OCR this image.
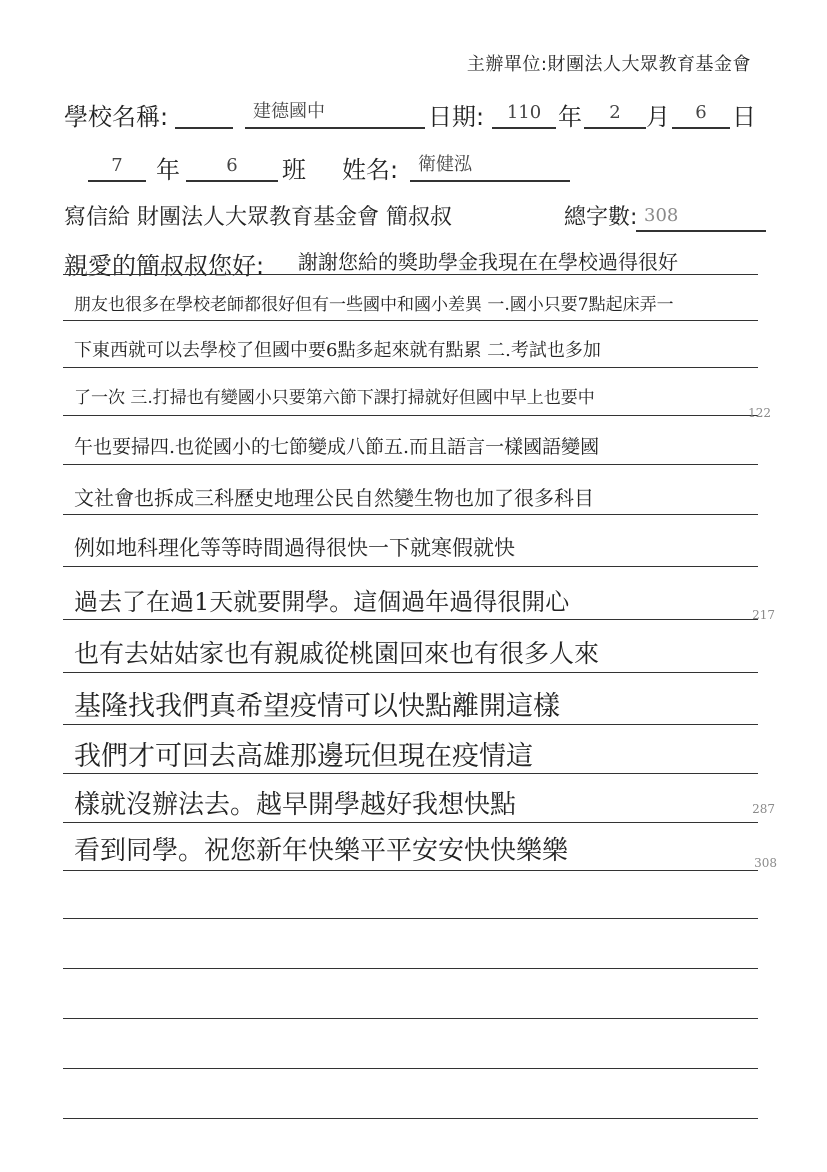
主辦單位:財團法人大眾教育基金會
學校名稱:	建德國中	日期:	110 年	2	月	6	日
7	年	6	班 姓名: 衛健泓
寫信給 財團法人大眾教育基金會 簡叔叔	總字數: 308
親愛的簡叔叔您好: 謝謝您給的獎助學金我現在在學校過得很好
朋友也很多在學校老師都很好但有一些國中和國小差異 一.國小只要7點起床弄一
下東西就可以去學校了但國中要6點多起來就有點累 二.考試也多加
了一次 三.打掃也有變國小只要第六節下課打掃就好但國中早上也要中
122
午也要掃四.也從國小的七節變成八節五.而且語言一樣國語變國
文社會也拆成三科歷史地理公民自然變生物也加了很多科目
例如地科理化等等時間過得很快一下就寒假就快
過去了在過1天就要開學。這個過年過得很開心	217
也有去姑姑家也有親戚從桃園回來也有很多人來
基隆找我們真希望疫情可以快點離開這樣
我們才可回去高雄那邊玩但現在疫情這
樣就沒辦法去。越早開學越好我想快點	287
看到同學。祝您新年快樂平平安安快快樂樂	308
